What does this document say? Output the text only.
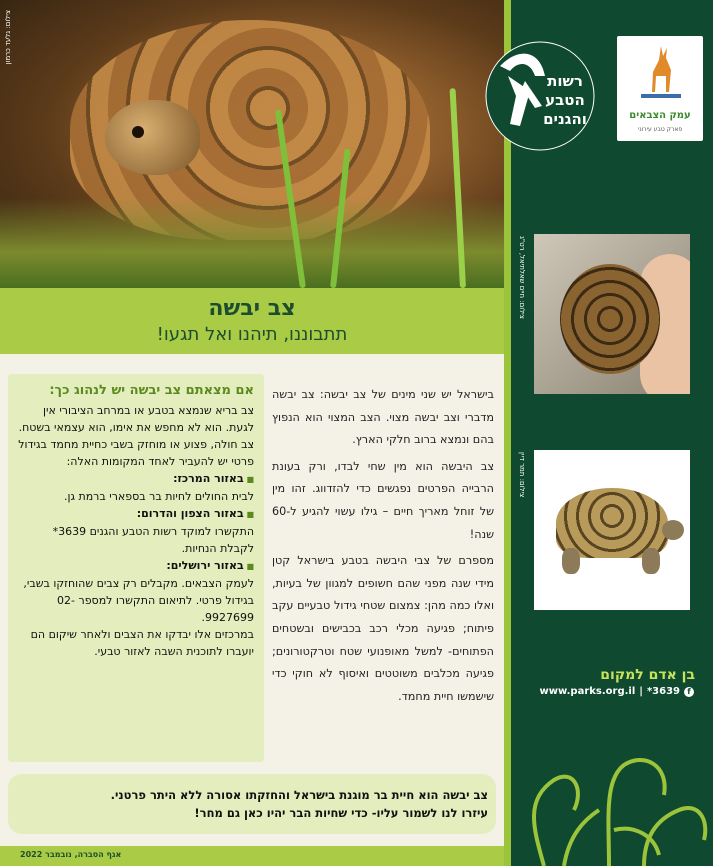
צילום: גלעד כרמון
רשות
הטבע
והגנים	עמק הצבאים
פארק טבע עירוני
צילום: חיים שאלתיאל, רט"ג
צילום: תמר דיין
בן אדם למקום
f
*3639
|
www.parks.org.il
צב יבשה
תתבוננו, תיהנו ואל תגעו!

בישראל יש שני מינים של צב יבשה: צב יבשה מדברי וצב יבשה מצוי. הצב המצוי הוא הנפוץ בהם ונמצא ברוב חלקי הארץ.

צב היבשה הוא מין שחי לבדו, ורק בעונת הרבייה הפרטים נפגשים כדי להזדווג. זהו מין של זוחל מאריך חיים – גילו עשוי להגיע ל-60 שנה!

מספרם של צבי היבשה בטבע בישראל קטן מידי שנה מפני שהם חשופים למגוון של בעיות, ואלו כמה מהן: צמצום שטחי גידול טבעיים עקב פיתוח; פגיעה מכלי רכב בכבישים ובשטחים הפתוחים- למשל מאופנועי שטח וטרקטורונים; פגיעה מכלבים משוטטים ואיסוף לא חוקי כדי שישמשו חיית מחמד.

אם מצאתם צב יבשה יש לנהוג כך:
צב בריא שנמצא בטבע או במרחב הציבורי אין לגעת. הוא לא מחפש את אימו, הוא עצמאי בשטח. צב חולה, פצוע או מוחזק בשבי כחיית מחמד בגידול פרטי יש להעביר לאחד המקומות האלה:
■ באזור המרכז:
לבית החולים לחיות בר בספארי ברמת גן.
■ באזור הצפון והדרום:
התקשרו למוקד רשות הטבע והגנים 3639* לקבלת הנחיות.
■ באזור ירושלים:
לעמק הצבאים. מקבלים רק צבים שהוחזקו בשבי, בגידול פרטי. לתיאום התקשרו למספר 02-9927699.
במרכזים אלו יבדקו את הצבים ולאחר שיקום הם יועברו לתוכנית השבה לאזור טבעי.
צב יבשה הוא חיית בר מוגנת בישראל והחזקתו אסורה ללא היתר פרטני.
עיזרו לנו לשמור עליו- כדי שחיות הבר יהיו כאן גם מחר!
אגף הסברה, נובמבר 2022
